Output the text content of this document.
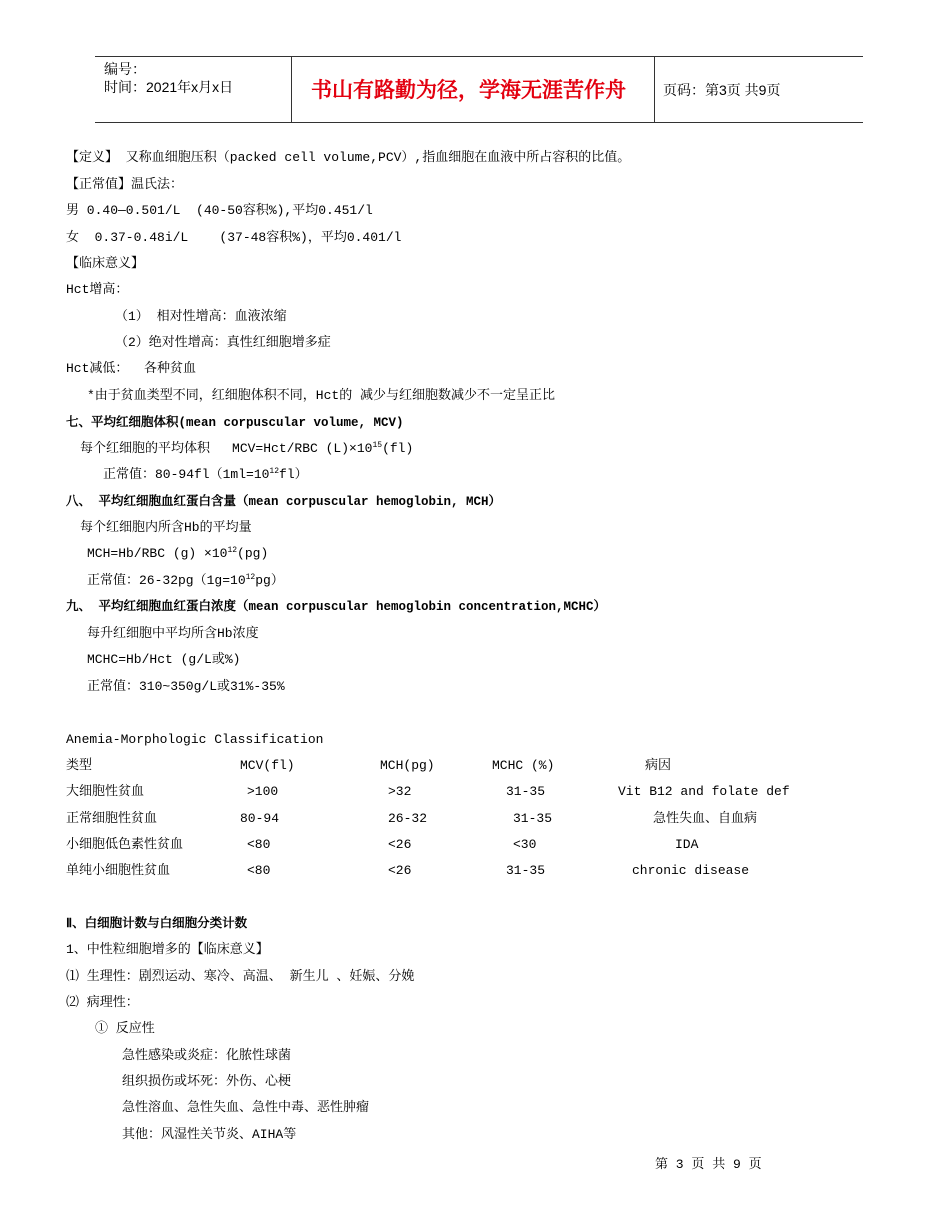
编号：
时间：2021年x月x日	书山有路勤为径，学海无涯苦作舟	页码：第3页 共9页
【定义】 又称血细胞压积（packed cell volume,PCV）,指血细胞在血液中所占容积的比值。
【正常值】温氏法：
男 0.40—0.501/L  (40-50容积%),平均0.451/l
女  0.37-0.48i/L    (37-48容积%)，平均0.401/l
【临床意义】
Hct增高：
（1） 相对性增高：血液浓缩
（2）绝对性增高：真性红细胞增多症
Hct减低：  各种贫血
*由于贫血类型不同，红细胞体积不同，Hct的 减少与红细胞数减少不一定呈正比
七、平均红细胞体积(mean corpuscular volume, MCV)
每个红细胞的平均体积 MCV=Hct/RBC $(L)\times 10^{15}(fl)$
正常值：$80-94fl(1ml=10^{12}fl)$
八、 平均红细胞血红蛋白含量（mean corpuscular hemoglobin, MCH）
每个红细胞内所含Hb的平均量
MCH=Hb/RBC $(g) \times 10^{12}(pg)$
正常值：$26-32pg(1g=10^{12}pg)$
九、 平均红细胞血红蛋白浓度（mean corpuscular hemoglobin concentration,MCHC）
每升红细胞中平均所含Hb浓度
MCHC=Hb/Hct (g/L或%)
正常值：310~350g/L或31%-35%
Anemia-Morphologic Classification
类型	MCV(fl)	MCH(pg)	MCHC (%)	病因
大细胞性贫血	>100	>32	31-35	Vit B12 and folate def
正常细胞性贫血	80-94	26-32	31-35	急性失血、自血病
小细胞低色素性贫血	<80	<26	<30	IDA
单纯小细胞性贫血	<80	<26	31-35	chronic disease
Ⅱ、白细胞计数与白细胞分类计数
1、中性粒细胞增多的【临床意义】
⑴ 生理性：剧烈运动、寒冷、高温、 新生儿 、妊娠、分娩
⑵ 病理性：
① 反应性
急性感染或炎症：化脓性球菌
组织损伤或坏死：外伤、心梗
急性溶血、急性失血、急性中毒、恶性肿瘤
其他：风湿性关节炎、AIHA等
第 3 页 共 9 页
